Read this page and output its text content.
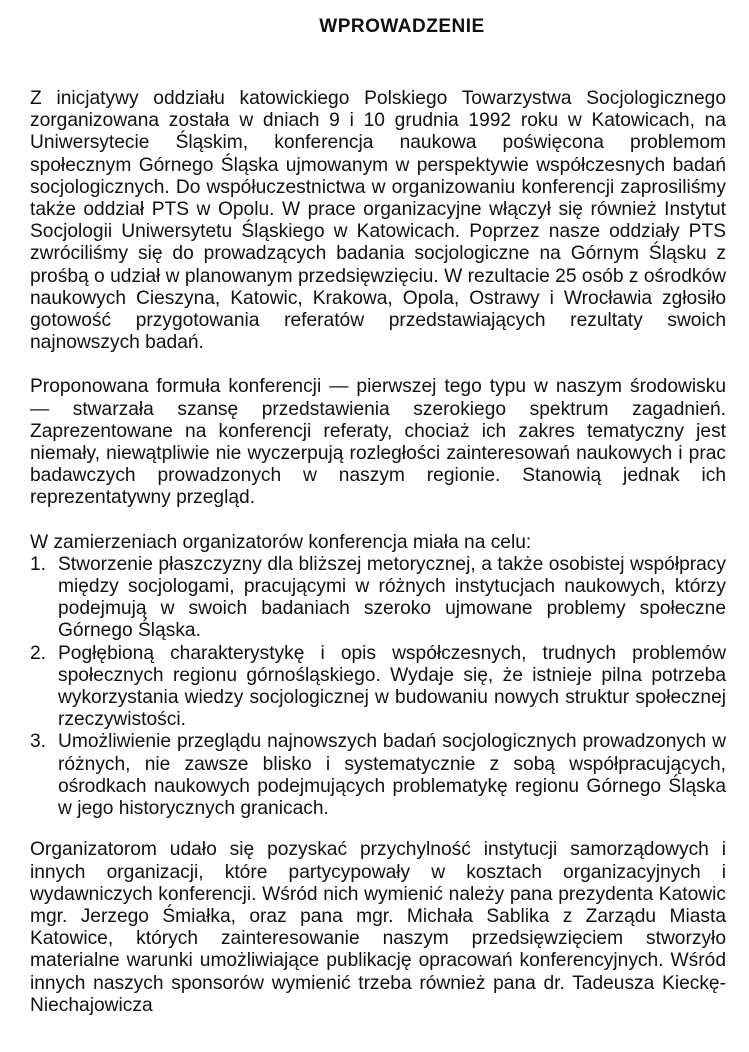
WPROWADZENIE

Z inicjatywy oddziału katowickiego Polskiego Towarzystwa Socjologicznego zorganizowana została w dniach 9 i 10 grudnia 1992 roku w Katowicach, na Uniwersytecie Śląskim, konferencja naukowa poświęcona problemom społecznym Górnego Śląska ujmowanym w perspektywie współczesnych badań socjologicznych. Do współuczestnictwa w organizowaniu konferencji zaprosiliśmy także oddział PTS w Opolu. W prace organizacyjne włączył się również Instytut Socjologii Uniwersytetu Śląskiego w Katowicach. Poprzez nasze oddziały PTS zwróciliśmy się do prowadzących badania socjologiczne na Górnym Śląsku z prośbą o udział w planowanym przedsięwzięciu. W rezultacie 25 osób z ośrodków naukowych Cieszyna, Katowic, Krakowa, Opola, Ostrawy i Wrocławia zgłosiło gotowość przygotowania referatów przedstawiających rezultaty swoich najnowszych badań.

Proponowana formuła konferencji — pierwszej tego typu w naszym środowisku — stwarzała szansę przedstawienia szerokiego spektrum zagadnień. Zaprezentowane na konferencji referaty, chociaż ich zakres tematyczny jest niemały, niewątpliwie nie wyczerpują rozległości zainteresowań naukowych i prac badawczych prowadzonych w naszym regionie. Stanowią jednak ich reprezentatywny przegląd.

W zamierzeniach organizatorów konferencja miała na celu:

1. Stworzenie płaszczyzny dla bliższej metorycznej, a także osobistej współpracy między socjologami, pracującymi w różnych instytucjach naukowych, którzy podejmują w swoich badaniach szeroko ujmowane problemy społeczne Górnego Śląska.
2. Pogłębioną charakterystykę i opis współczesnych, trudnych problemów społecznych regionu górnośląskiego. Wydaje się, że istnieje pilna potrzeba wykorzystania wiedzy socjologicznej w budowaniu nowych struktur społecznej rzeczywistości.
3. Umożliwienie przeglądu najnowszych badań socjologicznych prowadzonych w różnych, nie zawsze blisko i systematycznie z sobą współpracujących, ośrodkach naukowych podejmujących problematykę regionu Górnego Śląska w jego historycznych granicach.

Organizatorom udało się pozyskać przychylność instytucji samorządowych i innych organizacji, które partycypowały w kosztach organizacyjnych i wydawniczych konferencji. Wśród nich wymienić należy pana prezydenta Katowic mgr. Jerzego Śmiałka, oraz pana mgr. Michała Sablika z Zarządu Miasta Katowice, których zainteresowanie naszym przedsięwzięciem stworzyło materialne warunki umożliwiające publikację opracowań konferencyjnych. Wśród innych naszych sponsorów wymienić trzeba również pana dr. Tadeusza Kieckę-Niechajowicza
